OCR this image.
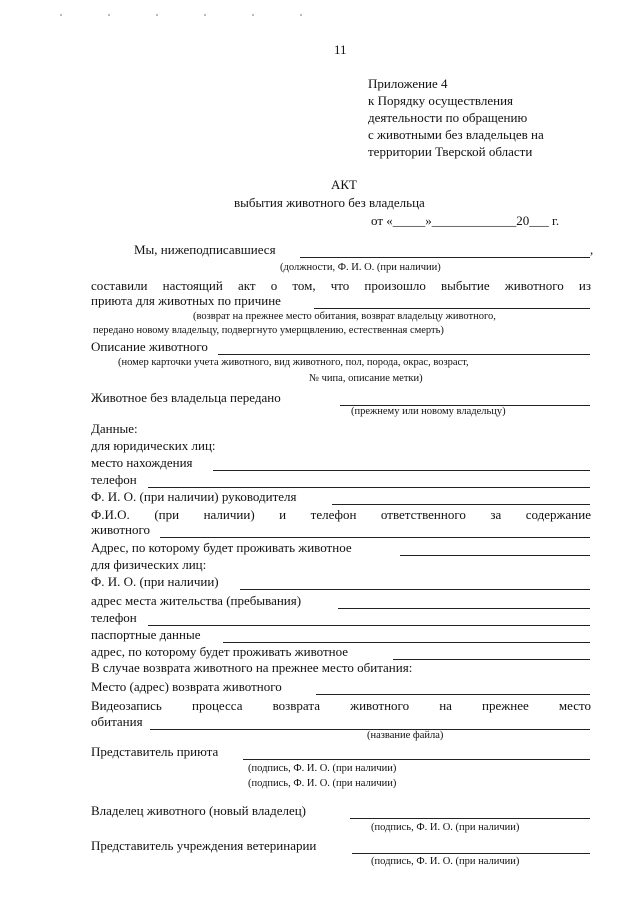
11
Приложение 4
к Порядку осуществления
деятельности по обращению
с животными без владельцев на
территории Тверской области
АКТ
выбытия животного без владельца
от «_____»_____________20___ г.
Мы, нижеподписавшиеся	,
(должности, Ф. И. О. (при наличии)
составили настоящий акт о том, что произошло выбытие животного из
приюта для животных по причине
(возврат на прежнее место обитания, возврат владельцу животного,
передано новому владельцу, подвергнуто умерщвлению, естественная смерть)
Описание животного
(номер карточки учета животного, вид животного, пол, порода, окрас, возраст,
№ чипа, описание метки)
Животное без владельца передано
(прежнему или новому владельцу)
Данные:
для юридических лиц:
место нахождения
телефон
Ф. И. О. (при наличии) руководителя
Ф.И.О. (при наличии) и телефон ответственного за содержание
животного
Адрес, по которому будет проживать животное
для физических лиц:
Ф. И. О. (при наличии)
адрес места жительства (пребывания)
телефон
паспортные данные
адрес, по которому будет проживать животное
В случае возврата животного на прежнее место обитания:
Место (адрес) возврата животного
Видеозапись процесса возврата животного на прежнее место
обитания
(название файла)
Представитель приюта
(подпись, Ф. И. О. (при наличии)
(подпись, Ф. И. О. (при наличии)
Владелец животного (новый владелец)
(подпись, Ф. И. О. (при наличии)
Представитель учреждения ветеринарии
(подпись, Ф. И. О. (при наличии)
